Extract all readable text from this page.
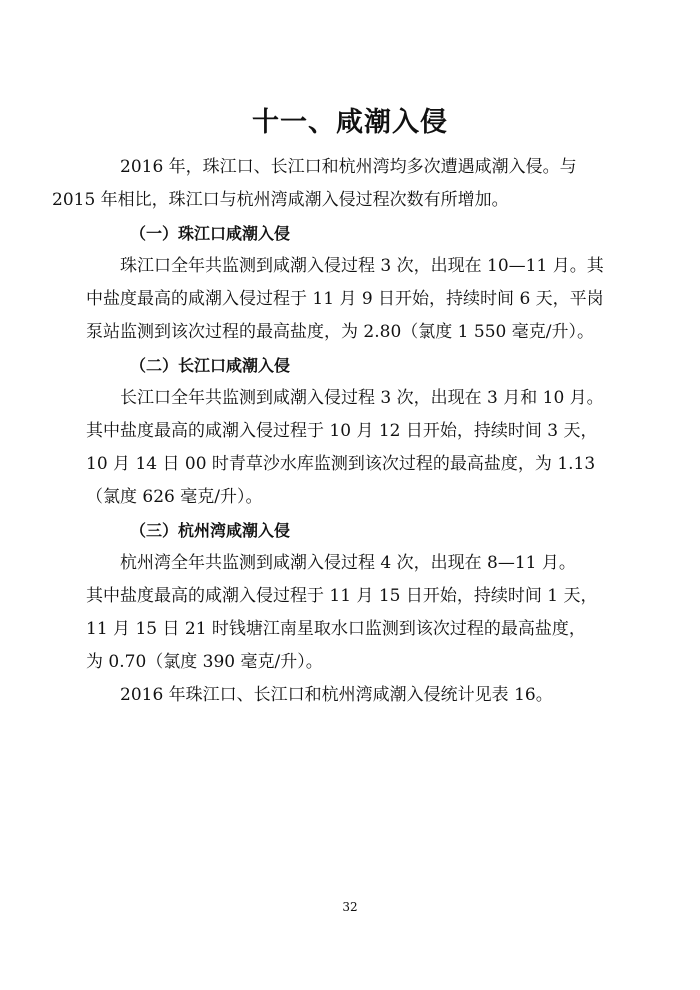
十一、咸潮入侵

2016 年，珠江口、长江口和杭州湾均多次遭遇咸潮入侵。与
2015 年相比，珠江口与杭州湾咸潮入侵过程次数有所增加。

（一）珠江口咸潮入侵

珠江口全年共监测到咸潮入侵过程 3 次，出现在 10—11 月。其
中盐度最高的咸潮入侵过程于 11 月 9 日开始，持续时间 6 天，平岗
泵站监测到该次过程的最高盐度，为 2.80（氯度 1 550 毫克/升）。

（二）长江口咸潮入侵

长江口全年共监测到咸潮入侵过程 3 次，出现在 3 月和 10 月。
其中盐度最高的咸潮入侵过程于 10 月 12 日开始，持续时间 3 天，
10 月 14 日 00 时青草沙水库监测到该次过程的最高盐度，为 1.13
（氯度 626 毫克/升）。

（三）杭州湾咸潮入侵

杭州湾全年共监测到咸潮入侵过程 4 次，出现在 8—11 月。
其中盐度最高的咸潮入侵过程于 11 月 15 日开始，持续时间 1 天，
11 月 15 日 21 时钱塘江南星取水口监测到该次过程的最高盐度，
为 0.70（氯度 390 毫克/升）。

2016 年珠江口、长江口和杭州湾咸潮入侵统计见表 16。

32
